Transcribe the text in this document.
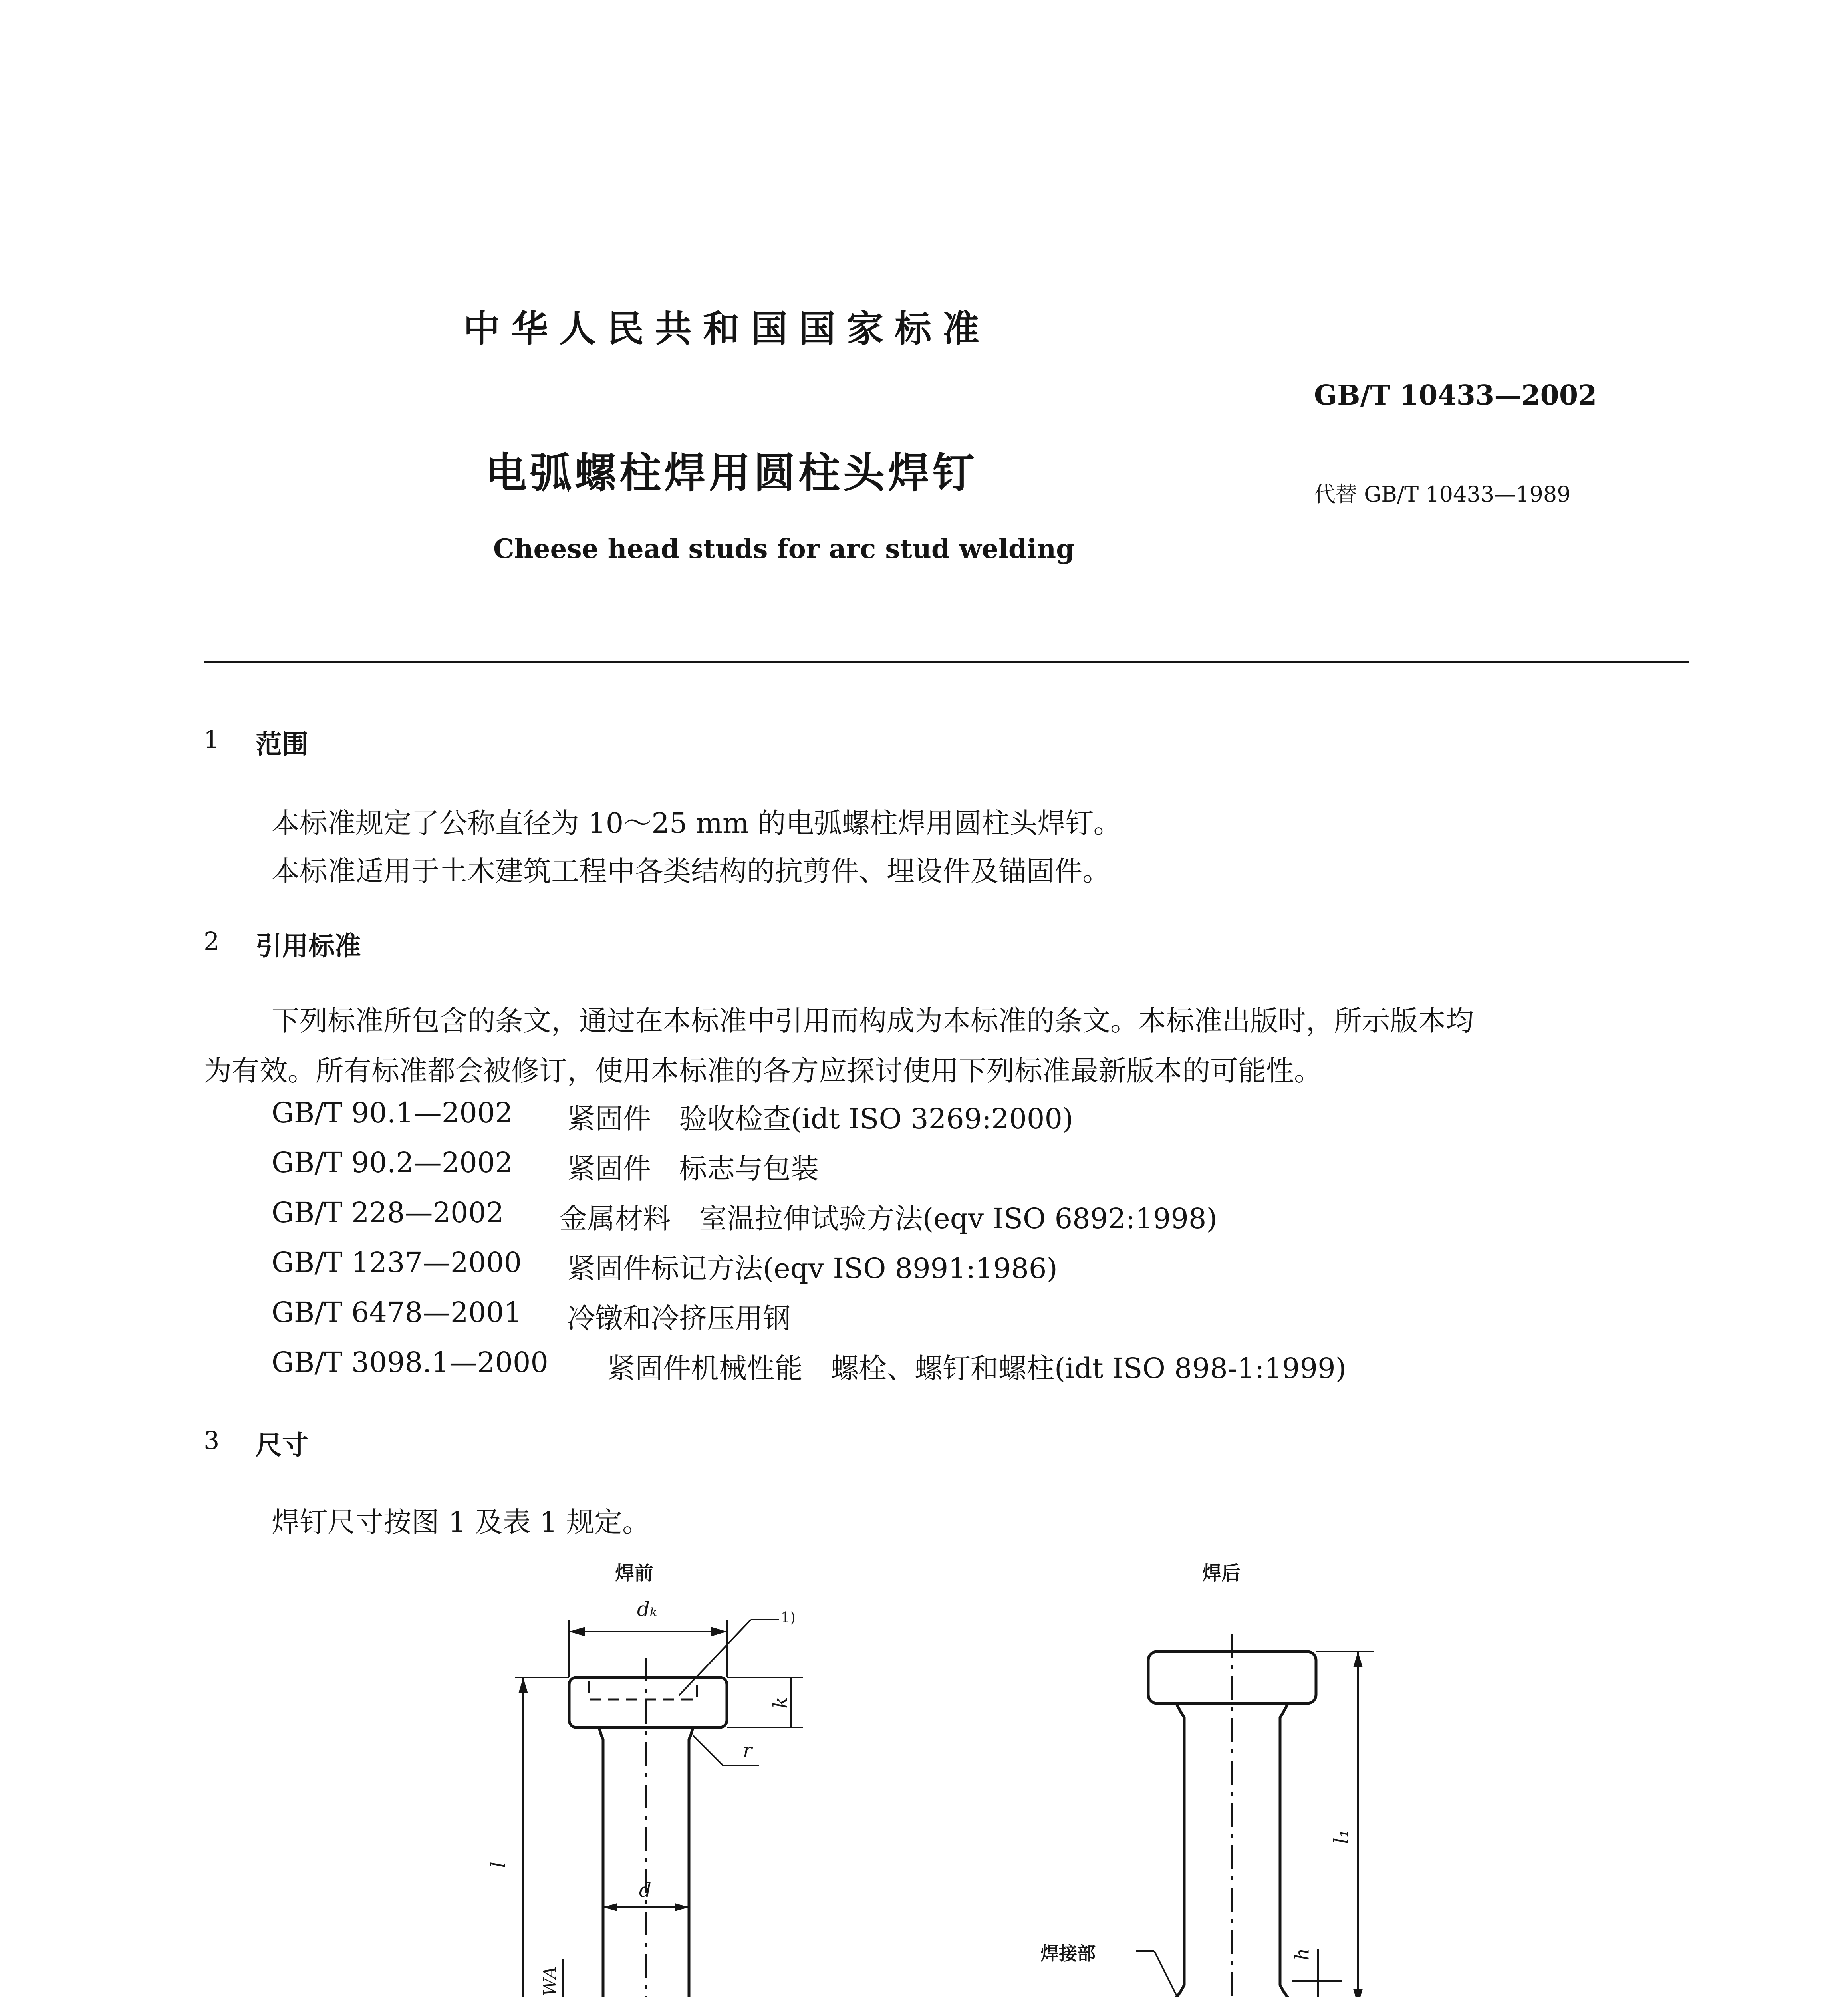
中华人民共和国国家标准
GB/T 10433—2002
电弧螺柱焊用圆柱头焊钉	代替 GB/T 10433—1989
Cheese head studs for arc stud welding
1 范围
本标准规定了公称直径为 10～25 mm 的电弧螺柱焊用圆柱头焊钉。
本标准适用于土木建筑工程中各类结构的抗剪件、埋设件及锚固件。
2 引用标准
下列标准所包含的条文，通过在本标准中引用而构成为本标准的条文。本标准出版时，所示版本均
为有效。所有标准都会被修订，使用本标准的各方应探讨使用下列标准最新版本的可能性。
GB/T 90.1—2002 紧固件　验收检查(idt ISO 3269:2000)
GB/T 90.2—2002 紧固件　标志与包装
GB/T 228—2002 金属材料　室温拉伸试验方法(eqv ISO 6892:1998)
GB/T 1237—2000 紧固件标记方法(eqv ISO 8991:1986)
GB/T 6478—2001 冷镦和冷挤压用钢
GB/T 3098.1—2000 紧固件机械性能　螺栓、螺钉和螺柱(idt ISO 898-1:1999)
3 尺寸
焊钉尺寸按图 1 及表 1 规定。
焊前	焊后
dₖ	1)
k
r
l
d
WA
l₁
h
焊接部
